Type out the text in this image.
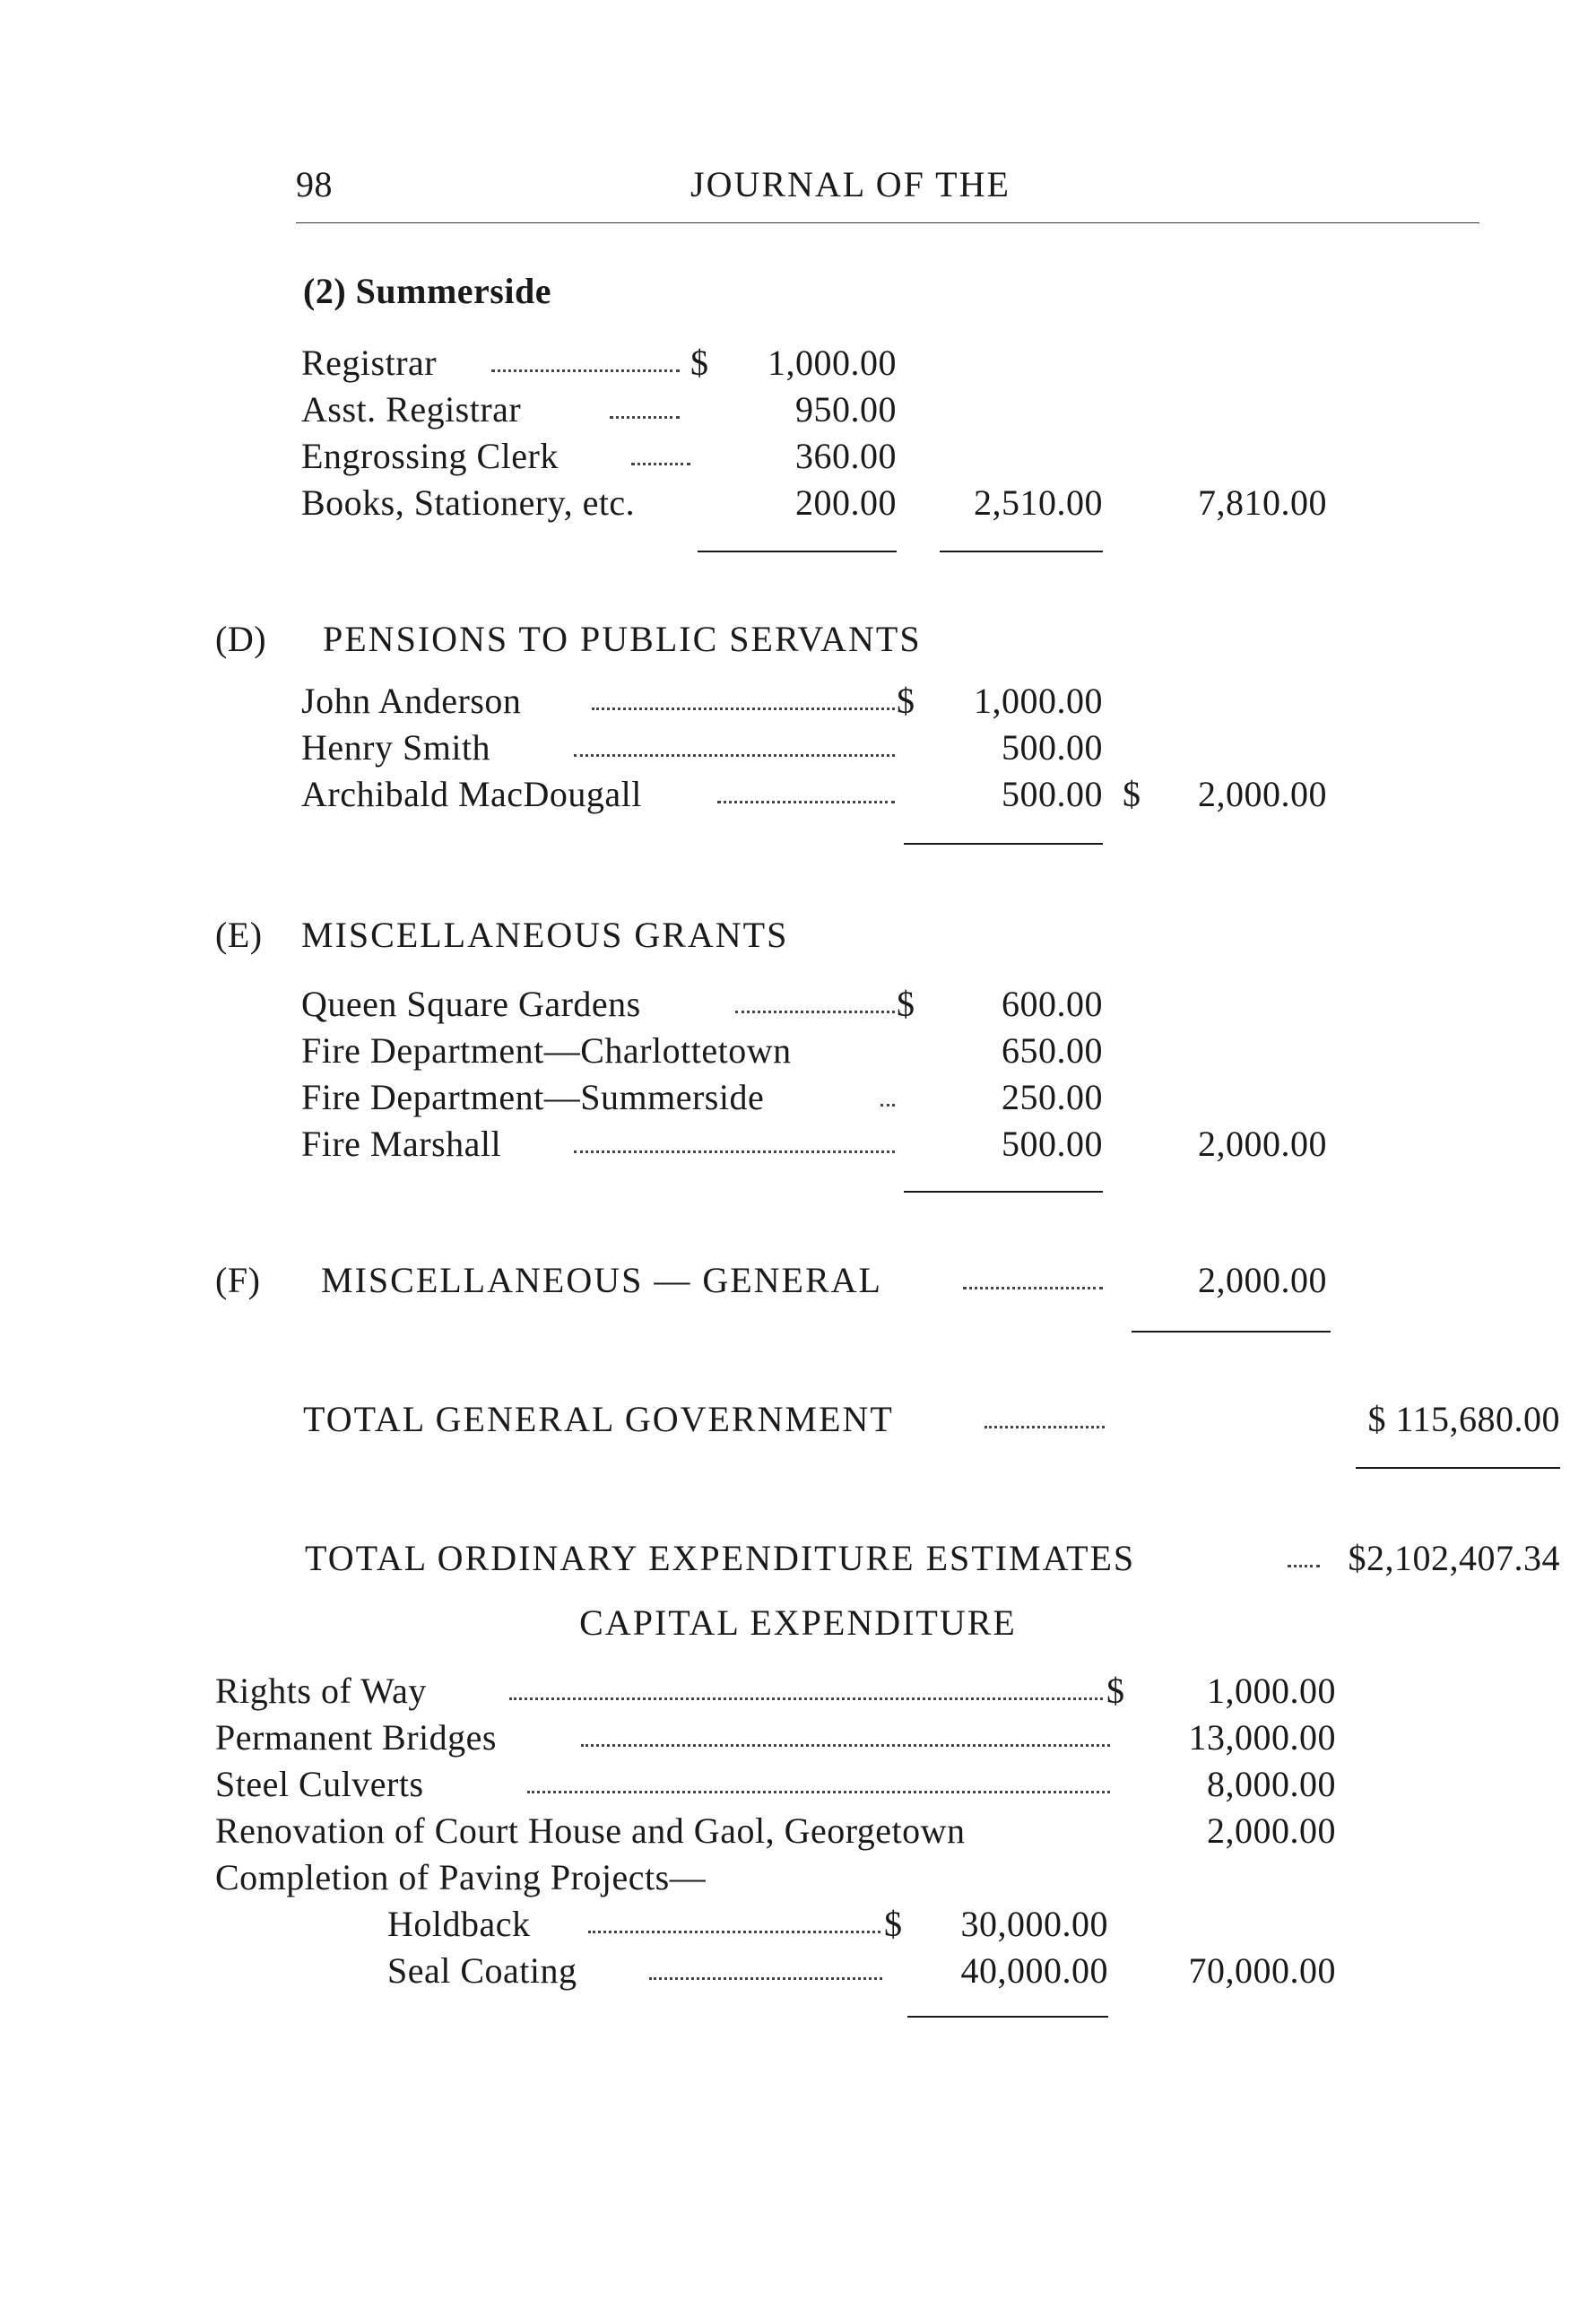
98	JOURNAL OF THE
(2) Summerside
Registrar	$	1,000.00
Asst. Registrar	950.00
Engrossing Clerk	360.00
Books, Stationery, etc.	200.00	2,510.00	7,810.00
(D) PENSIONS TO PUBLIC SERVANTS
John Anderson	$	1,000.00
Henry Smith	500.00
Archibald MacDougall	500.00 $	2,000.00
(E) MISCELLANEOUS GRANTS
Queen Square Gardens	$	600.00
Fire Department—Charlottetown	650.00
Fire Department—Summerside	250.00
Fire Marshall	500.00	2,000.00
(F) MISCELLANEOUS — GENERAL	2,000.00
TOTAL GENERAL GOVERNMENT	$ 115,680.00
TOTAL ORDINARY EXPENDITURE ESTIMATES	$2,102,407.34
CAPITAL EXPENDITURE
Rights of Way	$	1,000.00
Permanent Bridges	13,000.00
Steel Culverts	8,000.00
Renovation of Court House and Gaol, Georgetown	2,000.00
Completion of Paving Projects—
Holdback	$	30,000.00
Seal Coating	40,000.00	70,000.00
